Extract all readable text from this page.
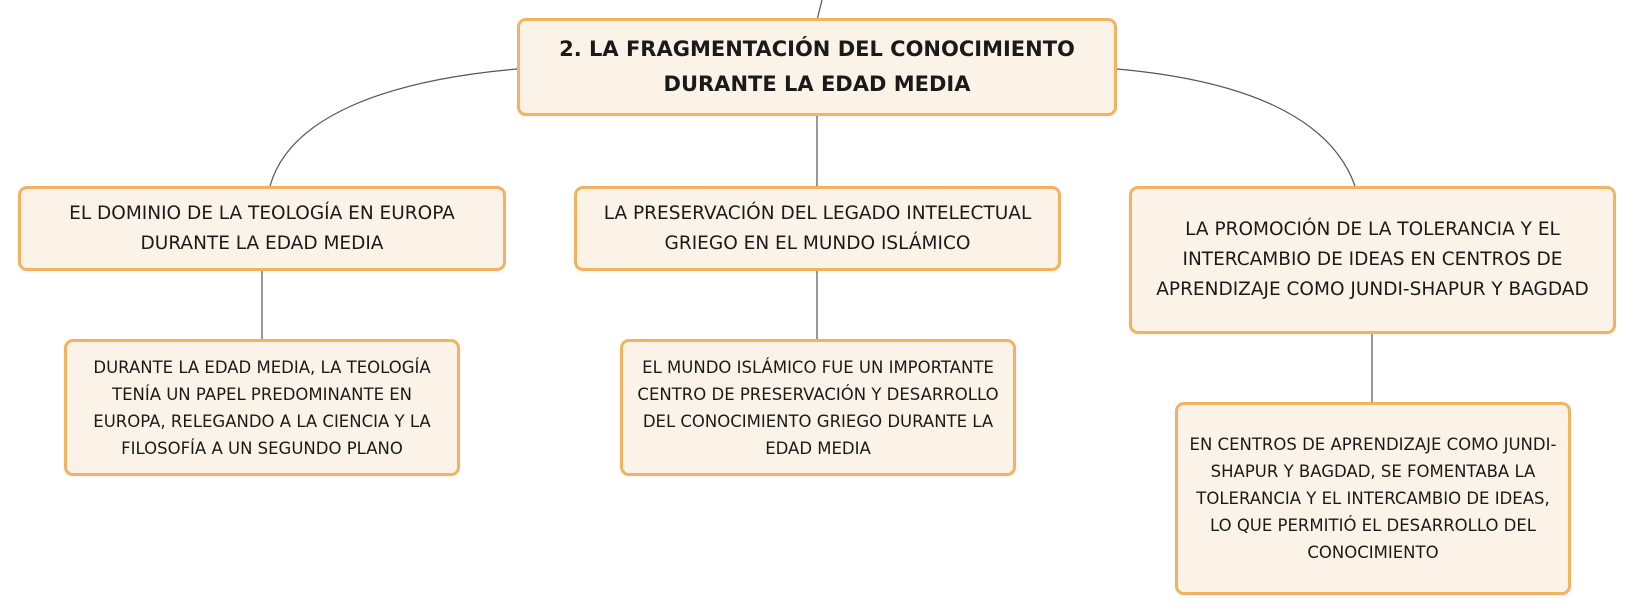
2. LA FRAGMENTACIÓN DEL CONOCIMIENTO DURANTE LA EDAD MEDIA
EL DOMINIO DE LA TEOLOGÍA EN EUROPA DURANTE LA EDAD MEDIA
LA PRESERVACIÓN DEL LEGADO INTELECTUAL GRIEGO EN EL MUNDO ISLÁMICO
LA PROMOCIÓN DE LA TOLERANCIA Y EL INTERCAMBIO DE IDEAS EN CENTROS DE APRENDIZAJE COMO JUNDI-SHAPUR Y BAGDAD
DURANTE LA EDAD MEDIA, LA TEOLOGÍA TENÍA UN PAPEL PREDOMINANTE EN EUROPA, RELEGANDO A LA CIENCIA Y LA FILOSOFÍA A UN SEGUNDO PLANO
EL MUNDO ISLÁMICO FUE UN IMPORTANTE CENTRO DE PRESERVACIÓN Y DESARROLLO DEL CONOCIMIENTO GRIEGO DURANTE LA EDAD MEDIA	EN CENTROS DE APRENDIZAJE COMO JUNDI-SHAPUR Y BAGDAD, SE FOMENTABA LA TOLERANCIA Y EL INTERCAMBIO DE IDEAS, LO QUE PERMITIÓ EL DESARROLLO DEL CONOCIMIENTO
